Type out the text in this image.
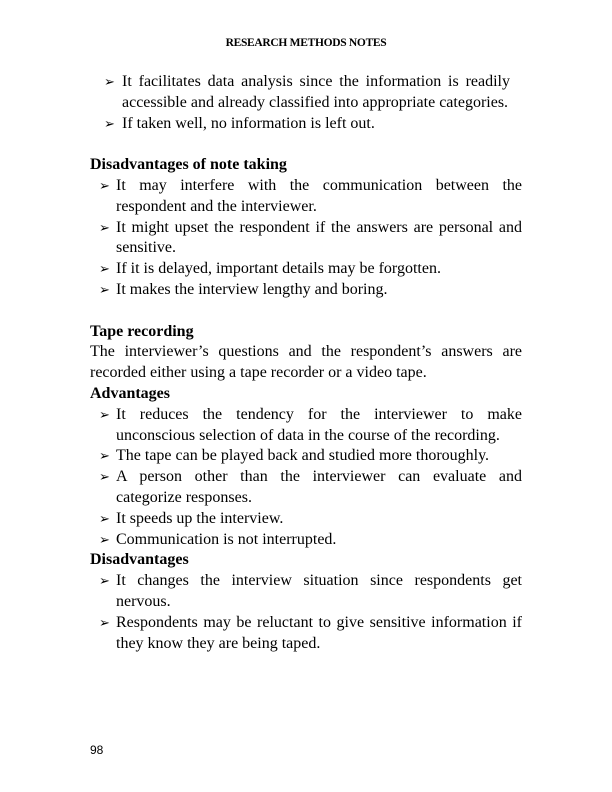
RESEARCH METHODS NOTES
➢ It facilitates data analysis since the information is readily accessible and already classified into appropriate categories.
➢ If taken well, no information is left out.
Disadvantages of note taking
➢ It may interfere with the communication between the respondent and the interviewer.
➢ It might upset the respondent if the answers are personal and sensitive.
➢ If it is delayed, important details may be forgotten.
➢ It makes the interview lengthy and boring.
Tape recording

The interviewer’s questions and the respondent’s answers are recorded either using a tape recorder or a video tape.

Advantages
➢ It reduces the tendency for the interviewer to make unconscious selection of data in the course of the recording.
➢ The tape can be played back and studied more thoroughly.
➢ A person other than the interviewer can evaluate and categorize responses.
➢ It speeds up the interview.
➢ Communication is not interrupted.
Disadvantages
➢ It changes the interview situation since respondents get nervous.
➢ Respondents may be reluctant to give sensitive information if they know they are being taped.
98
